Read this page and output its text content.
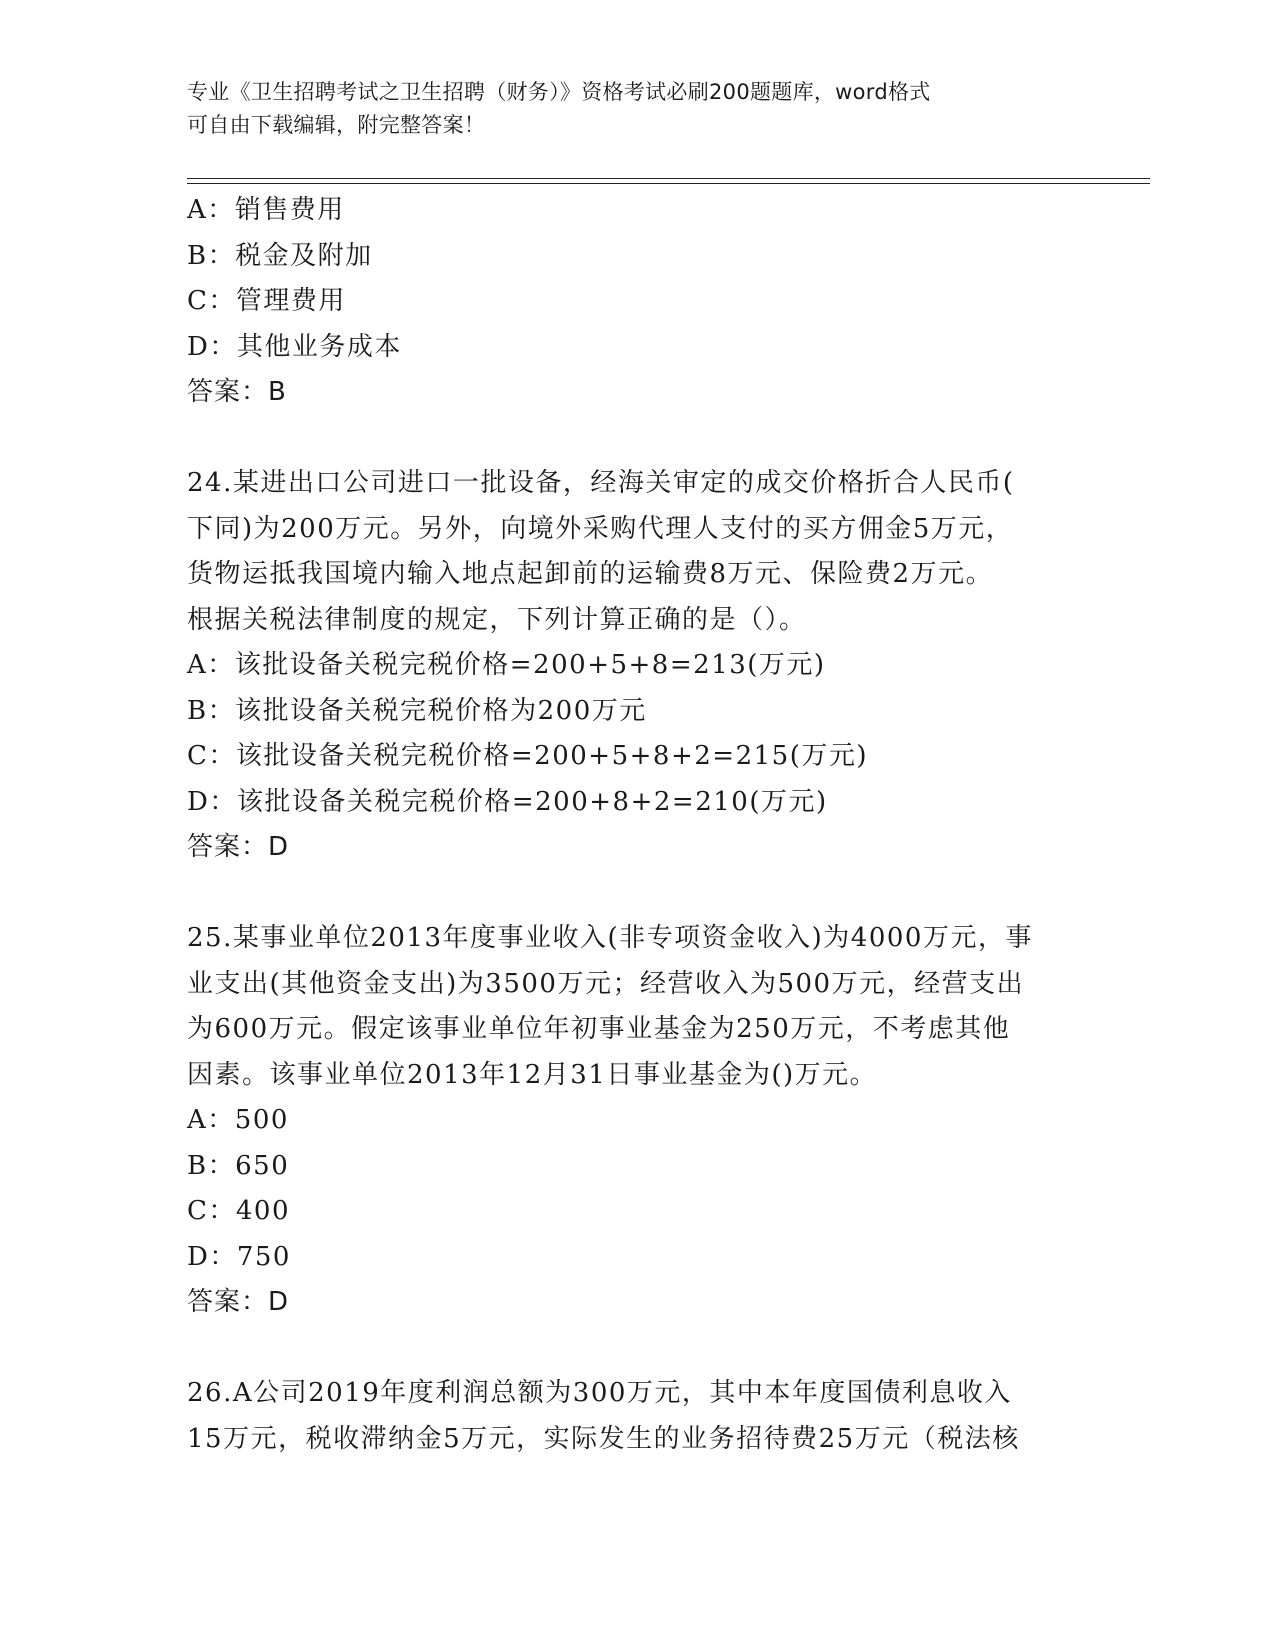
专业《卫生招聘考试之卫生招聘（财务）》资格考试必刷200题题库，word格式
可自由下载编辑，附完整答案！
A：销售费用
B：税金及附加
C：管理费用
D：其他业务成本
答案：B
24.某进出口公司进口一批设备，经海关审定的成交价格折合人民币(
下同)为200万元。另外，向境外采购代理人支付的买方佣金5万元，
货物运抵我国境内输入地点起卸前的运输费8万元、保险费2万元。
根据关税法律制度的规定，下列计算正确的是（）。
A：该批设备关税完税价格=200+5+8=213(万元)
B：该批设备关税完税价格为200万元
C：该批设备关税完税价格=200+5+8+2=215(万元)
D：该批设备关税完税价格=200+8+2=210(万元)
答案：D
25.某事业单位2013年度事业收入(非专项资金收入)为4000万元，事
业支出(其他资金支出)为3500万元；经营收入为500万元，经营支出
为600万元。假定该事业单位年初事业基金为250万元，不考虑其他
因素。该事业单位2013年12月31日事业基金为()万元。
A：500
B：650
C：400
D：750
答案：D
26.A公司2019年度利润总额为300万元，其中本年度国债利息收入
15万元，税收滞纳金5万元，实际发生的业务招待费25万元（税法核
